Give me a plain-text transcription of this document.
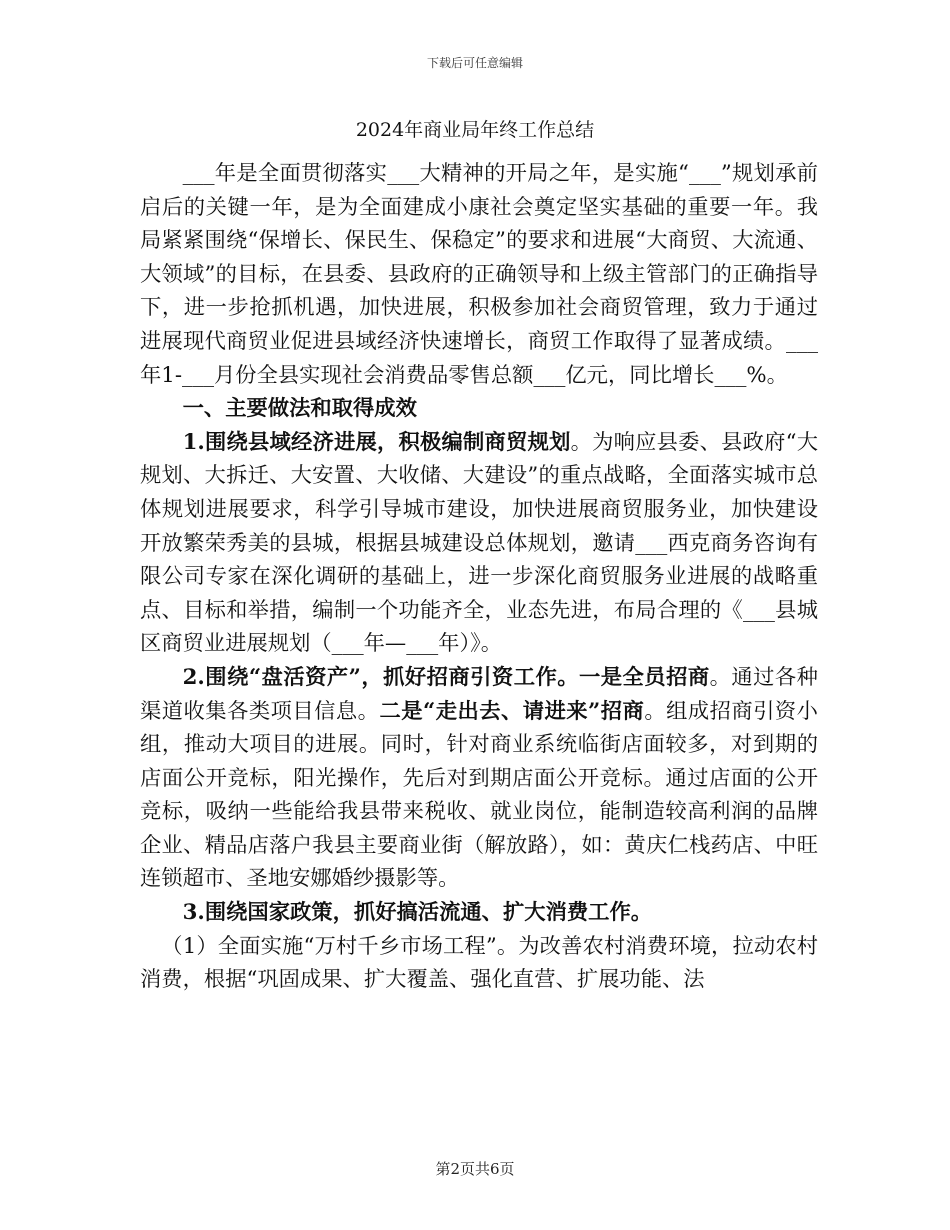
下载后可任意编辑
2024年商业局年终工作总结

___年是全面贯彻落实___大精神的开局之年，是实施“___”规划承前启后的关键一年，是为全面建成小康社会奠定坚实基础的重要一年。我局紧紧围绕“保增长、保民生、保稳定”的要求和进展“大商贸、大流通、大领域”的目标，在县委、县政府的正确领导和上级主管部门的正确指导下，进一步抢抓机遇，加快进展，积极参加社会商贸管理，致力于通过进展现代商贸业促进县域经济快速增长，商贸工作取得了显著成绩。___年1-___月份全县实现社会消费品零售总额___亿元，同比增长___%。

一、主要做法和取得成效

1.围绕县域经济进展，积极编制商贸规划。为响应县委、县政府“大规划、大拆迁、大安置、大收储、大建设”的重点战略，全面落实城市总体规划进展要求，科学引导城市建设，加快进展商贸服务业，加快建设开放繁荣秀美的县城，根据县城建设总体规划，邀请___西克商务咨询有限公司专家在深化调研的基础上，进一步深化商贸服务业进展的战略重点、目标和举措，编制一个功能齐全，业态先进，布局合理的《___县城区商贸业进展规划（___年—___年）》。

2.围绕“盘活资产”，抓好招商引资工作。一是全员招商。通过各种渠道收集各类项目信息。二是“走出去、请进来”招商。组成招商引资小组，推动大项目的进展。同时，针对商业系统临街店面较多，对到期的店面公开竞标，阳光操作，先后对到期店面公开竞标。通过店面的公开竞标，吸纳一些能给我县带来税收、就业岗位，能制造较高利润的品牌企业、精品店落户我县主要商业街（解放路），如：黄庆仁栈药店、中旺连锁超市、圣地安娜婚纱摄影等。

3.围绕国家政策，抓好搞活流通、扩大消费工作。

（1）全面实施“万村千乡市场工程”。为改善农村消费环境，拉动农村消费，根据“巩固成果、扩大覆盖、强化直营、扩展功能、法

第2页共6页
